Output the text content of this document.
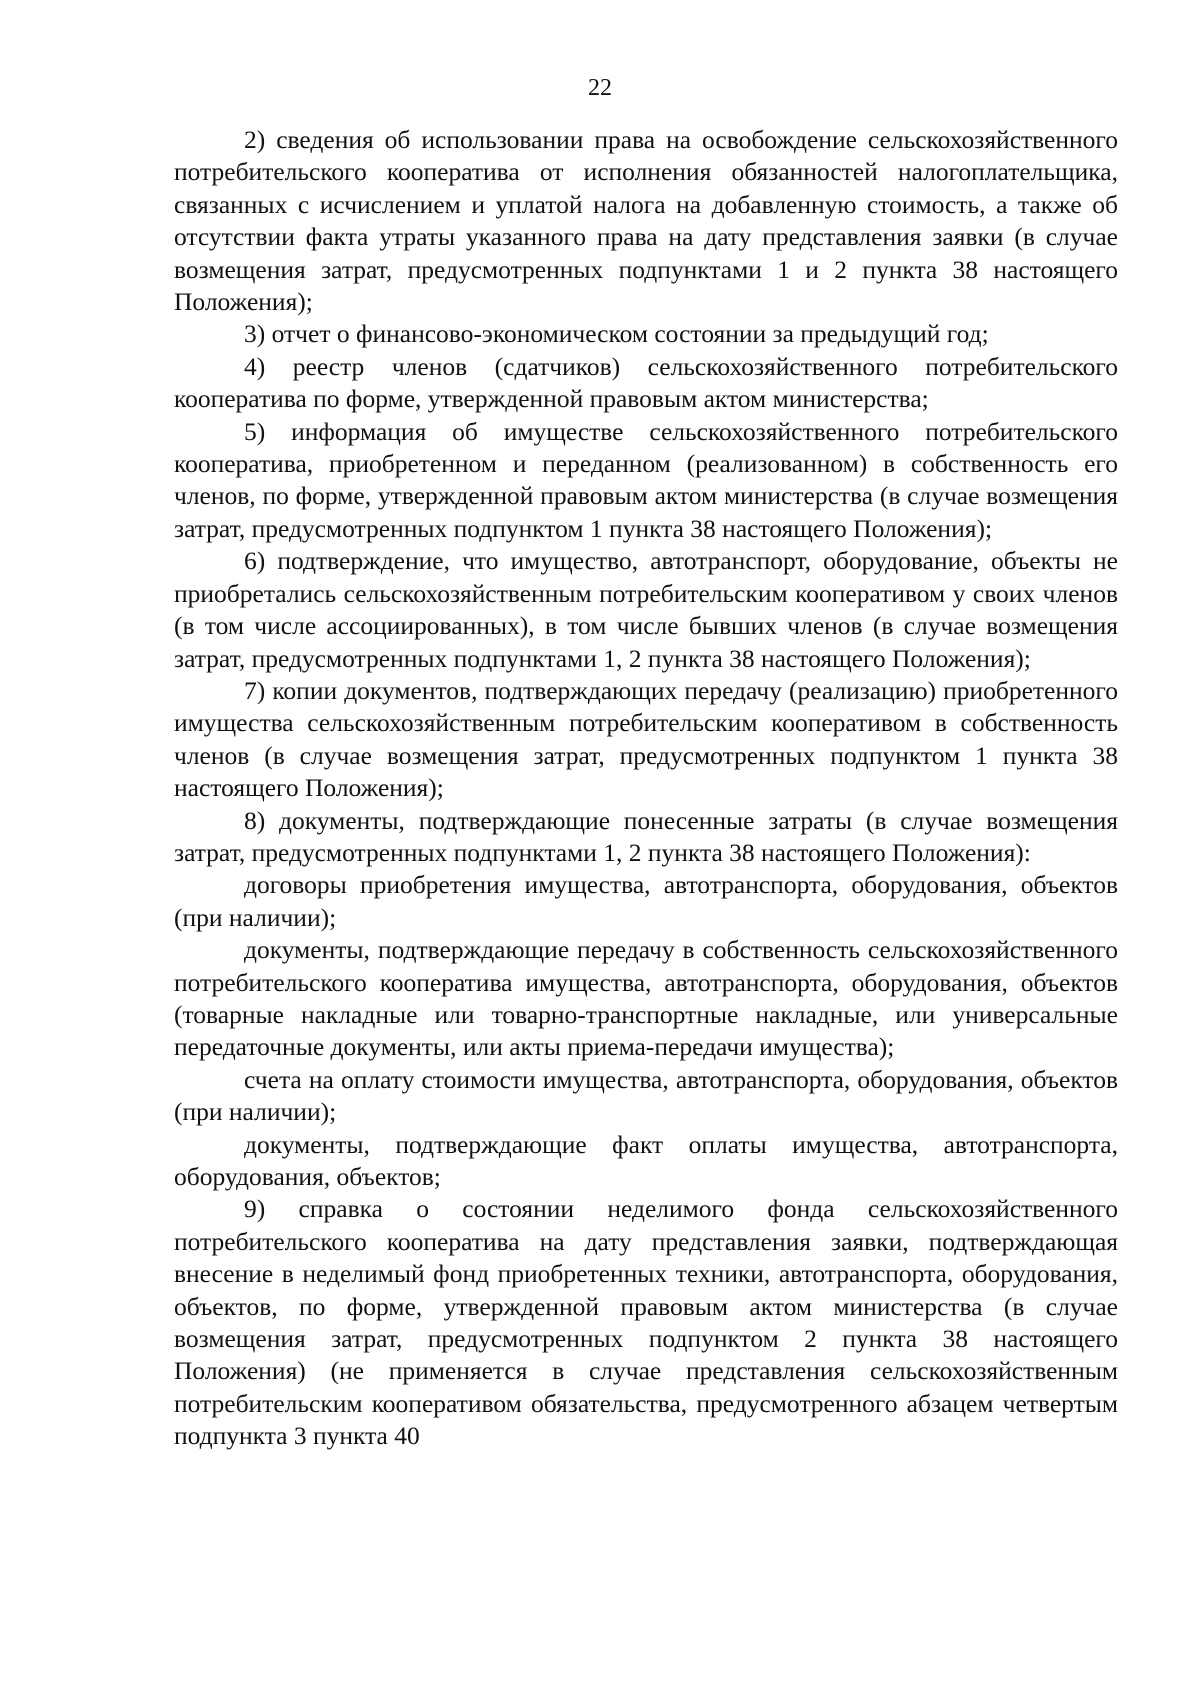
22

2) сведения об использовании права на освобождение сельскохозяйственного потребительского кооператива от исполнения обязанностей налогоплательщика, связанных с исчислением и уплатой налога на добавленную стоимость, а также об отсутствии факта утраты указанного права на дату представления заявки (в случае возмещения затрат, предусмотренных подпунктами 1 и 2 пункта 38 настоящего Положения);

3) отчет о финансово-экономическом состоянии за предыдущий год;

4) реестр членов (сдатчиков) сельскохозяйственного потребительского кооператива по форме, утвержденной правовым актом министерства;

5) информация об имуществе сельскохозяйственного потребительского кооператива, приобретенном и переданном (реализованном) в собственность его членов, по форме, утвержденной правовым актом министерства (в случае возмещения затрат, предусмотренных подпунктом 1 пункта 38 настоящего Положения);

6) подтверждение, что имущество, автотранспорт, оборудование, объекты не приобретались сельскохозяйственным потребительским кооперативом у своих членов (в том числе ассоциированных), в том числе бывших членов (в случае возмещения затрат, предусмотренных подпунктами 1, 2 пункта 38 настоящего Положения);

7) копии документов, подтверждающих передачу (реализацию) приобретенного имущества сельскохозяйственным потребительским кооперативом в собственность членов (в случае возмещения затрат, предусмотренных подпунктом 1 пункта 38 настоящего Положения);

8) документы, подтверждающие понесенные затраты (в случае возмещения затрат, предусмотренных подпунктами 1, 2 пункта 38 настоящего Положения):

договоры приобретения имущества, автотранспорта, оборудования, объектов (при наличии);

документы, подтверждающие передачу в собственность сельскохозяйственного потребительского кооператива имущества, автотранспорта, оборудования, объектов (товарные накладные или товарно-транспортные накладные, или универсальные передаточные документы, или акты приема-передачи имущества);

счета на оплату стоимости имущества, автотранспорта, оборудования, объектов (при наличии);

документы, подтверждающие факт оплаты имущества, автотранспорта, оборудования, объектов;

9) справка о состоянии неделимого фонда сельскохозяйственного потребительского кооператива на дату представления заявки, подтверждающая внесение в неделимый фонд приобретенных техники, автотранспорта, оборудования, объектов, по форме, утвержденной правовым актом министерства (в случае возмещения затрат, предусмотренных подпунктом 2 пункта 38 настоящего Положения) (не применяется в случае представления сельскохозяйственным потребительским кооперативом обязательства, предусмотренного абзацем четвертым подпункта 3 пункта 40
